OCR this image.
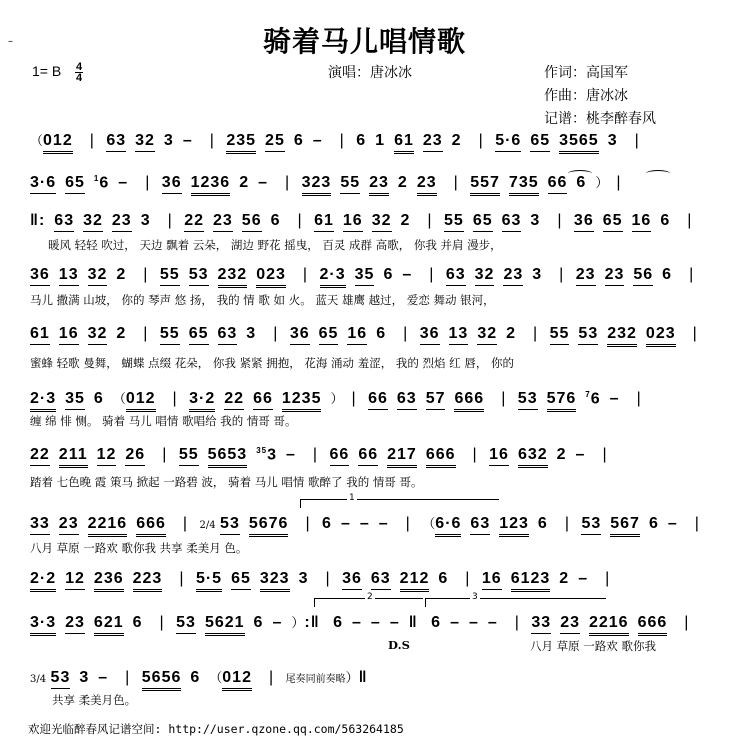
–	骑着马儿唱情歌
1= B $\frac{4}{4}$	演唱：唐冰冰	作词：高国军
作曲：唐冰冰
记谱：桃李醉春风
（012 | 63 32 3 – | 235 25 6 – | 6 1 61 23 2 | 5·6 65 3565 3 |
3·6 65 $^1$6 – | 36 1236 2 – | 323 55 23 2 23 | 557 735 66 6 ） |
‖: 63 32 23 3 | 22 23 56 6 | 61 16 32 2 | 55 65 63 3 | 36 65 16 6 |
暖风 轻轻 吹过， 天边 飘着 云朵， 湖边 野花 摇曳， 百灵 成群 高歌， 你我 并肩 漫步，
36 13 32 2 | 55 53 232 023 | 2·3 35 6 – | 63 32 23 3 | 23 23 56 6 |
马儿 撒满 山坡， 你的 琴声 悠 扬， 我的 情 歌 如 火。 蓝天 雄鹰 越过， 爱恋 舞动 银河，
61 16 32 2 | 55 65 63 3 | 36 65 16 6 | 36 13 32 2 | 55 53 232 023 |
蜜蜂 轻歌 曼舞， 蝴蝶 点缀 花朵， 你我 紧紧 拥抱， 花海 涌动 羞涩， 我的 烈焰 红 唇， 你的
2·3 35 6 （012 | 3·2 22 66 1235 ） | 66 63 57 666 | 53 576 $^7$6 – |
缠 绵 悱 恻。 骑着 马儿 唱情 歌唱给 我的 情哥 哥。
22 211 12 26 | 55 5653 $^{35}$3 – | 66 66 217 666 | 16 632 2 – |
踏着 七色晚 霞 策马 掀起 一路碧 波， 骑着 马儿 唱情 歌醉了 我的 情哥 哥。
1
33 23 2216 666 | 2/4 53 5676 | 6 – – – | （6·6 63 123 6 | 53 567 6 – |
八月 草原 一路欢 歌你我 共享 柔美月 色。
2·2 12 236 223 | 5·5 65 323 3 | 36 63 212 6 | 16 6123 2 – |
2	3
3·3 23 621 6 | 53 5621 6 – ）:‖ 6 – – – ‖ 6 – – – | 33 23 2216 666 |
D.S	八月 草原 一路欢 歌你我
3/4 53 3 – | 5656 6 （012 | 尾奏同前奏略）‖
共享 柔美月色。
欢迎光临醉春风记谱空间: http://user.qzone.qq.com/563264185
